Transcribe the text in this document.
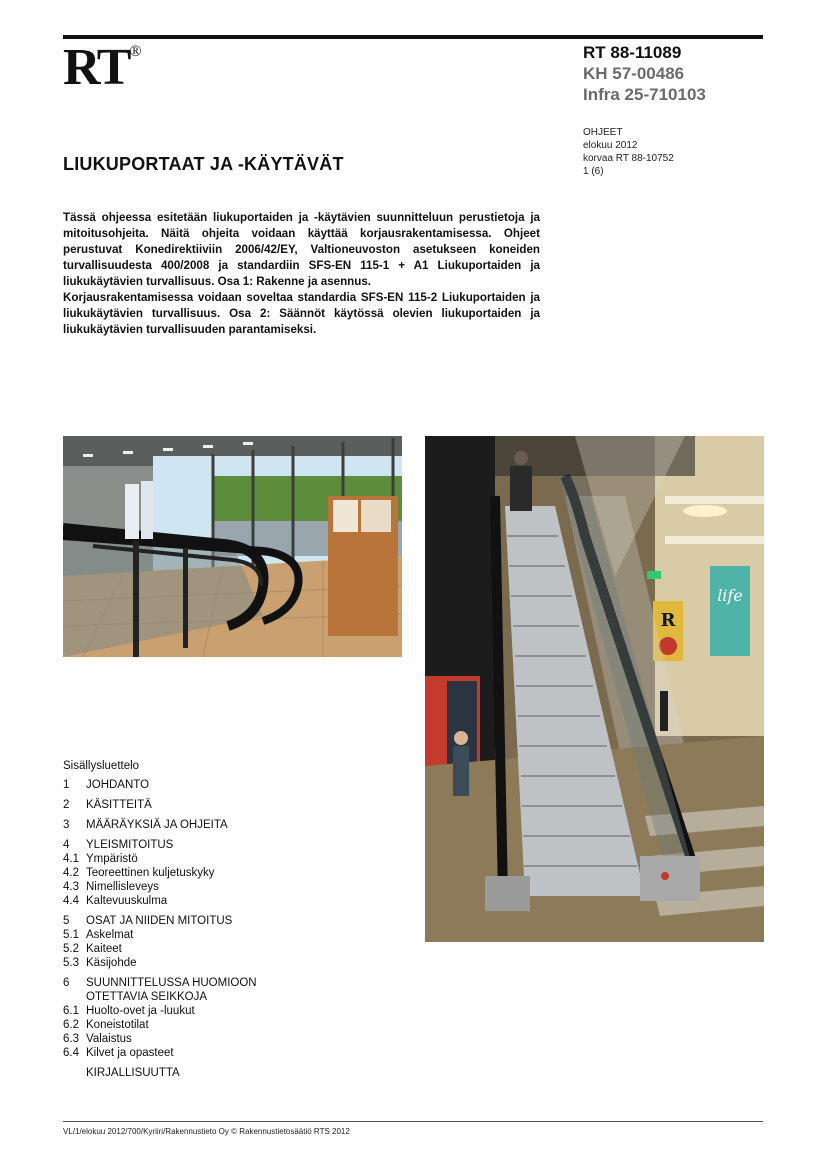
RT®	RT 88-11089
KH 57-00486
Infra 25-710103
OHJEET
elokuu 2012
korvaa RT 88-10752
1 (6)
LIUKUPORTAAT JA -KÄYTÄVÄT

Tässä ohjeessa esitetään liukuportaiden ja -käytävien suunnitteluun perustietoja ja mitoitusohjeita. Näitä ohjeita voidaan käyttää korjausrakentamisessa. Ohjeet perustuvat Konedirektiiviin 2006/42/EY, Valtioneuvoston asetukseen koneiden turvallisuudesta 400/2008 ja standardiin SFS-EN 115-1 + A1 Liukuportaiden ja liukukäytävien turvallisuus. Osa 1: Rakenne ja asennus.

Korjausrakentamisessa voidaan soveltaa standardia SFS-EN 115-2 Liukuportaiden ja liukukäytävien turvallisuus. Osa 2: Säännöt käytössä olevien liukuportaiden ja liukukäytävien turvallisuuden parantamiseksi.

life
R
Sisällysluettelo
1	JOHDANTO
2	KÄSITTEITÄ
3	MÄÄRÄYKSIÄ JA OHJEITA
4	YLEISMITOITUS
4.1 Ympäristö
4.2 Teoreettinen kuljetuskyky
4.3 Nimellisleveys
4.4 Kaltevuuskulma
5	OSAT JA NIIDEN MITOITUS
5.1 Askelmat
5.2 Kaiteet
5.3 Käsijohde
6	SUUNNITTELUSSA HUOMIOON
OTETTAVIA SEIKKOJA
6.1 Huolto-ovet ja -luukut
6.2 Koneistotilat
6.3 Valaistus
6.4 Kilvet ja opasteet
KIRJALLISUUTTA
VL/1/elokuu 2012/700/Kyriiri/Rakennustieto Oy © Rakennustietosäätiö RTS 2012
